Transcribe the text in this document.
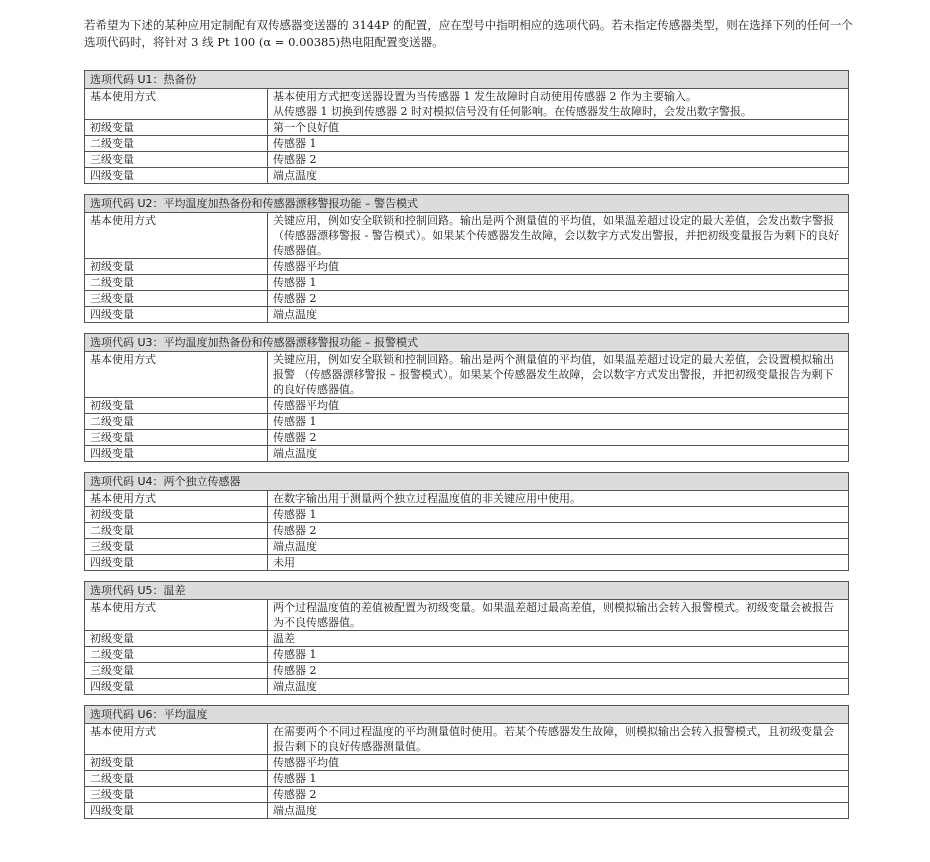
若希望为下述的某种应用定制配有双传感器变送器的 3144P 的配置，应在型号中指明相应的选项代码。若未指定传感器类型，则在选择下列的任何一个选项代码时，将针对 3 线 Pt 100 (α = 0.00385)热电阻配置变送器。

选项代码 U1：热备份	
基本使用方式	基本使用方式把变送器设置为当传感器 1 发生故障时自动使用传感器 2 作为主要输入。
从传感器 1 切换到传感器 2 时对模拟信号没有任何影响。在传感器发生故障时，会发出数字警报。
初级变量	第一个良好值
二级变量	传感器 1
三级变量	传感器 2
四级变量	端点温度
选项代码 U2：平均温度加热备份和传感器漂移警报功能 – 警告模式	
基本使用方式	关键应用，例如安全联锁和控制回路。输出是两个测量值的平均值，如果温差超过设定的最大差值，会发出数字警报（传感器漂移警报 - 警告模式）。如果某个传感器发生故障，会以数字方式发出警报，并把初级变量报告为剩下的良好传感器值。
初级变量	传感器平均值
二级变量	传感器 1
三级变量	传感器 2
四级变量	端点温度
选项代码 U3：平均温度加热备份和传感器漂移警报功能 – 报警模式	
基本使用方式	关键应用，例如安全联锁和控制回路。输出是两个测量值的平均值，如果温差超过设定的最大差值，会设置模拟输出报警 （传感器漂移警报 – 报警模式）。如果某个传感器发生故障，会以数字方式发出警报，并把初级变量报告为剩下的良好传感器值。
初级变量	传感器平均值
二级变量	传感器 1
三级变量	传感器 2
四级变量	端点温度
选项代码 U4：两个独立传感器	
基本使用方式	在数字输出用于测量两个独立过程温度值的非关键应用中使用。
初级变量	传感器 1
二级变量	传感器 2
三级变量	端点温度
四级变量	未用
选项代码 U5：温差	
基本使用方式	两个过程温度值的差值被配置为初级变量。如果温差超过最高差值，则模拟输出会转入报警模式。初级变量会被报告为不良传感器值。
初级变量	温差
二级变量	传感器 1
三级变量	传感器 2
四级变量	端点温度
选项代码 U6：平均温度	
基本使用方式	在需要两个不同过程温度的平均测量值时使用。若某个传感器发生故障，则模拟输出会转入报警模式，且初级变量会报告剩下的良好传感器测量值。
初级变量	传感器平均值
二级变量	传感器 1
三级变量	传感器 2
四级变量	端点温度
